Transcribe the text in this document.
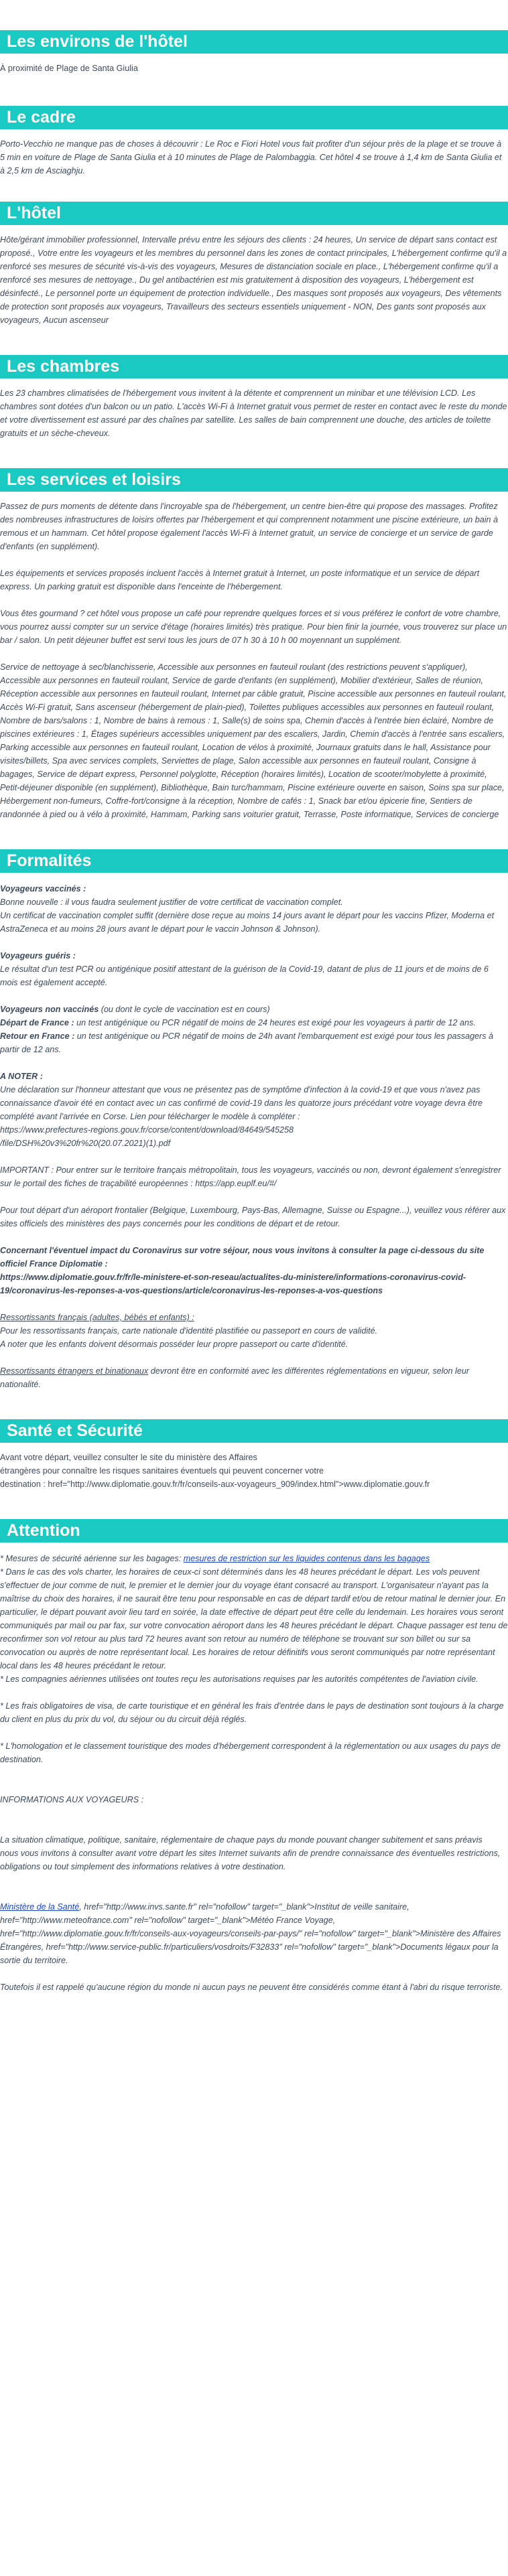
Les environs de l'hôtel

À proximité de Plage de Santa Giulia

Le cadre

Porto-Vecchio ne manque pas de choses à découvrir : Le Roc e Fiori Hotel vous fait profiter d'un séjour près de la plage et se trouve à 5 min en voiture de Plage de Santa Giulia et à 10 minutes de Plage de Palombaggia. Cet hôtel 4 se trouve à 1,4 km de Santa Giulia et à 2,5 km de Asciaghju.

L'hôtel

Hôte/gérant immobilier professionnel, Intervalle prévu entre les séjours des clients : 24 heures, Un service de départ sans contact est proposé., Votre entre les voyageurs et les membres du personnel dans les zones de contact principales, L'hébergement confirme qu'il a renforcé ses mesures de sécurité vis-à-vis des voyageurs, Mesures de distanciation sociale en place., L'hébergement confirme qu'il a renforcé ses mesures de nettoyage., Du gel antibactérien est mis gratuitement à disposition des voyageurs, L'hébergement est désinfecté., Le personnel porte un équipement de protection individuelle., Des masques sont proposés aux voyageurs, Des vêtements de protection sont proposés aux voyageurs, Travailleurs des secteurs essentiels uniquement - NON, Des gants sont proposés aux voyageurs, Aucun ascenseur

Les chambres

Les 23 chambres climatisées de l'hébergement vous invitent à la détente et comprennent un minibar et une télévision LCD. Les chambres sont dotées d'un balcon ou un patio. L'accès Wi-Fi à Internet gratuit vous permet de rester en contact avec le reste du monde et votre divertissement est assuré par des chaînes par satellite. Les salles de bain comprennent une douche, des articles de toilette gratuits et un sèche-cheveux.

Les services et loisirs

Passez de purs moments de détente dans l'incroyable spa de l'hébergement, un centre bien-être qui propose des massages. Profitez des nombreuses infrastructures de loisirs offertes par l'hébergement et qui comprennent notamment une piscine extérieure, un bain à remous et un hammam. Cet hôtel propose également l'accès Wi-Fi à Internet gratuit, un service de concierge et un service de garde d'enfants (en supplément).

Les équipements et services proposés incluent l'accès à Internet gratuit à Internet, un poste informatique et un service de départ express. Un parking gratuit est disponible dans l'enceinte de l'hébergement.

Vous êtes gourmand ? cet hôtel vous propose un café pour reprendre quelques forces et si vous préférez le confort de votre chambre, vous pourrez aussi compter sur un service d'étage (horaires limités) très pratique. Pour bien finir la journée, vous trouverez sur place un bar / salon. Un petit déjeuner buffet est servi tous les jours de 07 h 30 à 10 h 00 moyennant un supplément.

Service de nettoyage à sec/blanchisserie, Accessible aux personnes en fauteuil roulant (des restrictions peuvent s'appliquer), Accessible aux personnes en fauteuil roulant, Service de garde d'enfants (en supplément), Mobilier d'extérieur, Salles de réunion, Réception accessible aux personnes en fauteuil roulant, Internet par câble gratuit, Piscine accessible aux personnes en fauteuil roulant, Accès Wi-Fi gratuit, Sans ascenseur (hébergement de plain-pied), Toilettes publiques accessibles aux personnes en fauteuil roulant, Nombre de bars/salons : 1, Nombre de bains à remous : 1, Salle(s) de soins spa, Chemin d'accès à l'entrée bien éclairé, Nombre de piscines extérieures : 1, Étages supérieurs accessibles uniquement par des escaliers, Jardin, Chemin d'accès à l'entrée sans escaliers, Parking accessible aux personnes en fauteuil roulant, Location de vélos à proximité, Journaux gratuits dans le hall, Assistance pour visites/billets, Spa avec services complets, Serviettes de plage, Salon accessible aux personnes en fauteuil roulant, Consigne à bagages, Service de départ express, Personnel polyglotte, Réception (horaires limités), Location de scooter/mobylette à proximité, Petit-déjeuner disponible (en supplément), Bibliothèque, Bain turc/hammam, Piscine extérieure ouverte en saison, Soins spa sur place, Hébergement non-fumeurs, Coffre-fort/consigne à la réception, Nombre de cafés : 1, Snack bar et/ou épicerie fine, Sentiers de randonnée à pied ou à vélo à proximité, Hammam, Parking sans voiturier gratuit, Terrasse, Poste informatique, Services de concierge

Formalités

Voyageurs vaccinés :

Bonne nouvelle : il vous faudra seulement justifier de votre certificat de vaccination complet.
Un certificat de vaccination complet suffit (dernière dose reçue au moins 14 jours avant le départ pour les vaccins Pfizer, Moderna et AstraZeneca et au moins 28 jours avant le départ pour le vaccin Johnson & Johnson).

Voyageurs guéris :

Le résultat d'un test PCR ou antigénique positif attestant de la guérison de la Covid-19, datant de plus de 11 jours et de moins de 6 mois est également accepté.

Voyageurs non vaccinés (ou dont le cycle de vaccination est en cours)

Départ de France : un test antigénique ou PCR négatif de moins de 24 heures est exigé pour les voyageurs à partir de 12 ans.

Retour en France : un test antigénique ou PCR négatif de moins de 24h avant l'embarquement est exigé pour tous les passagers à partir de 12 ans.

A NOTER :

Une déclaration sur l'honneur attestant que vous ne présentez pas de symptôme d'infection à la covid-19 et que vous n'avez pas connaissance d'avoir été en contact avec un cas confirmé de covid-19 dans les quatorze jours précédant votre voyage devra être complété avant l'arrivée en Corse. Lien pour télécharger le modèle à compléter :
https://www.prefectures-regions.gouv.fr/corse/content/download/84649/545258
/file/DSH%20v3%20fr%20(20.07.2021)(1).pdf

IMPORTANT : Pour entrer sur le territoire français métropolitain, tous les voyageurs, vaccinés ou non, devront également s'enregistrer sur le portail des fiches de traçabilité européennes : https://app.euplf.eu/#/

Pour tout départ d'un aéroport frontalier (Belgique, Luxembourg, Pays-Bas, Allemagne, Suisse ou Espagne...), veuillez vous référer aux sites officiels des ministères des pays concernés pour les conditions de départ et de retour.

Concernant l'éventuel impact du Coronavirus sur votre séjour, nous vous invitons à consulter la page ci-dessous du site officiel France Diplomatie :
https://www.diplomatie.gouv.fr/fr/le-ministere-et-son-reseau/actualites-du-ministere/informations-coronavirus-covid-19/coronavirus-les-reponses-a-vos-questions/article/coronavirus-les-reponses-a-vos-questions

Ressortissants français (adultes, bébés et enfants) :

Pour les ressortissants français, carte nationale d'identité plastifiée ou passeport en cours de validité.
A noter que les enfants doivent désormais posséder leur propre passeport ou carte d'identité.

Ressortissants étrangers et binationaux devront être en conformité avec les différentes réglementations en vigueur, selon leur nationalité.

Santé et Sécurité

Avant votre départ, veuillez consulter le site du ministère des Affaires
étrangères pour connaître les risques sanitaires éventuels qui peuvent concerner votre
destination : href="http://www.diplomatie.gouv.fr/fr/conseils-aux-voyageurs_909/index.html">www.diplomatie.gouv.fr

Attention

* Mesures de sécurité aérienne sur les bagages: mesures de restriction sur les liquides contenus dans les bagages

* Dans le cas des vols charter, les horaires de ceux-ci sont déterminés dans les 48 heures précédant le départ. Les vols peuvent s'effectuer de jour comme de nuit, le premier et le dernier jour du voyage étant consacré au transport. L'organisateur n'ayant pas la maîtrise du choix des horaires, il ne saurait être tenu pour responsable en cas de départ tardif et/ou de retour matinal le dernier jour. En particulier, le départ pouvant avoir lieu tard en soirée, la date effective de départ peut être celle du lendemain. Les horaires vous seront communiqués par mail ou par fax, sur votre convocation aéroport dans les 48 heures précédant le départ. Chaque passager est tenu de reconfirmer son vol retour au plus tard 72 heures avant son retour au numéro de téléphone se trouvant sur son billet ou sur sa convocation ou auprès de notre représentant local. Les horaires de retour définitifs vous seront communiqués par notre représentant local dans les 48 heures précédant le retour.
* Les compagnies aériennes utilisées ont toutes reçu les autorisations requises par les autorités compétentes de l'aviation civile.

* Les frais obligatoires de visa, de carte touristique et en général les frais d'entrée dans le pays de destination sont toujours à la charge du client en plus du prix du vol, du séjour ou du circuit déjà réglés.

* L'homologation et le classement touristique des modes d'hébergement correspondent à la réglementation ou aux usages du pays de destination.

INFORMATIONS AUX VOYAGEURS :

La situation climatique, politique, sanitaire, réglementaire de chaque pays du monde pouvant changer subitement et sans préavis
nous vous invitons à consulter avant votre départ les sites Internet suivants afin de prendre connaissance des éventuelles restrictions, obligations ou tout simplement des informations relatives à votre destination.

Ministère de la Santé, href="http://www.invs.sante.fr" rel="nofollow" target="_blank">Institut de veille sanitaire, href="http://www.meteofrance.com" rel="nofollow" target="_blank">Météo France Voyage, href="http://www.diplomatie.gouv.fr/fr/conseils-aux-voyageurs/conseils-par-pays/" rel="nofollow" target="_blank">Ministère des Affaires Étrangères, href="http://www.service-public.fr/particuliers/vosdroits/F32833" rel="nofollow" target="_blank">Documents légaux pour la sortie du territoire.

Toutefois il est rappelé qu'aucune région du monde ni aucun pays ne peuvent être considérés comme étant à l'abri du risque terroriste.
